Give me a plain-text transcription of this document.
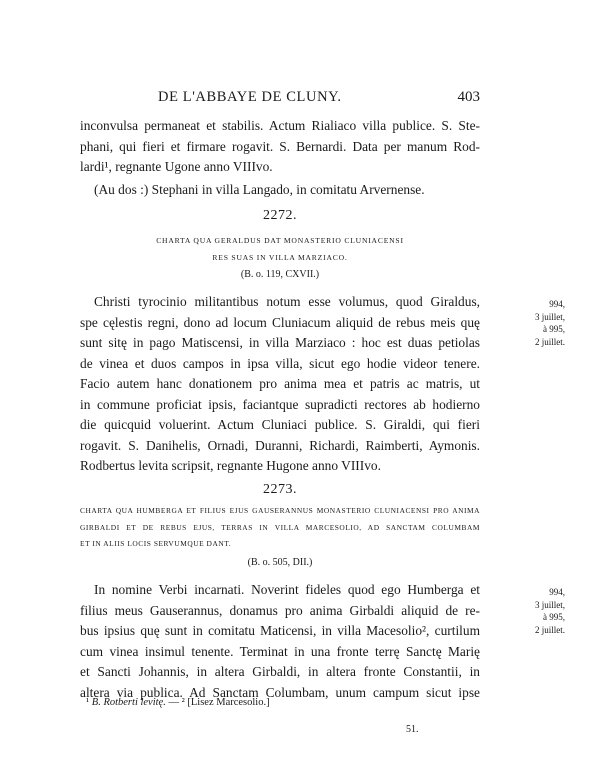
DE L'ABBAYE DE CLUNY.	403
inconvulsa permaneat et stabilis. Actum Rialiaco villa publice. S. Ste-
phani, qui fieri et firmare rogavit. S. Bernardi. Data per manum Rod-
lardi¹, regnante Ugone anno VIIIvo.
(Au dos :) Stephani in villa Langado, in comitatu Arvernense.
2272.
CHARTA QUA GERALDUS DAT MONASTERIO CLUNIACENSI
RES SUAS IN VILLA MARZIACO.
(B. o. 119, CXVII.)
994,
3 juillet,
à 995,
2 juillet.
Christi tyrocinio militantibus notum esse volumus, quod Giraldus,
spe cęlestis regni, dono ad locum Cluniacum aliquid de rebus meis quę
sunt sitę in pago Matiscensi, in villa Marziaco : hoc est duas petiolas
de vinea et duos campos in ipsa villa, sicut ego hodie videor tenere.
Facio autem hanc donationem pro anima mea et patris ac matris, ut
in commune proficiat ipsis, faciantque supradicti rectores ab hodierno
die quicquid voluerint. Actum Cluniaci publice. S. Giraldi, qui fieri
rogavit. S. Danihelis, Ornadi, Duranni, Richardi, Raimberti, Aymonis.
Rodbertus levita scripsit, regnante Hugone anno VIIIvo.
2273.
CHARTA QUA HUMBERGA ET FILIUS EJUS GAUSERANNUS MONASTERIO CLUNIACENSI PRO ANIMA
GIRBALDI ET DE REBUS EJUS, TERRAS IN VILLA MARCESOLIO, AD SANCTAM COLUMBAM
ET IN ALIIS LOCIS SERVUMQUE DANT.
(B. o. 505, DII.)
994,
3 juillet,
à 995,
2 juillet.
In nomine Verbi incarnati. Noverint fideles quod ego Humberga et
filius meus Gauserannus, donamus pro anima Girbaldi aliquid de re-
bus ipsius quę sunt in comitatu Maticensi, in villa Macesolio², curtilum
cum vinea insimul tenente. Terminat in una fronte terrę Sanctę Marię
et Sancti Johannis, in altera Girbaldi, in altera fronte Constantii, in
altera via publica. Ad Sanctam Columbam, unum campum sicut ipse
¹ B. Rotberti levitę. — ² [Lisez Marcesolio.]
51.
